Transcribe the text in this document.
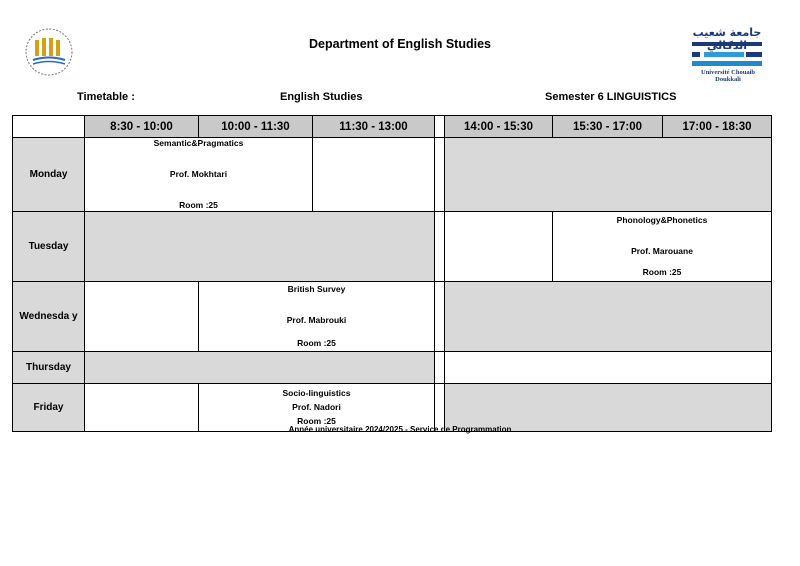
جامعة شعيب
Université Chouaib Doukkali
Department of English Studies
Timetable :	English Studies	Semester 6 LINGUISTICS
	8:30 - 10:00	10:00 - 11:30	11:30 - 13:00		14:00 - 15:30	15:30 - 17:00	17:00 - 18:30
Monday	Semantic&Pragmatics
Prof. Mokhtari
Room :25						

Tuesday						Phonology&Phonetics
Prof. Marouane
Room :25	

Wednesda y		British Survey
Prof. Mabrouki
Room :25					

Thursday							
Friday		Socio-linguistics
Prof. Nadori
Room :25					

Année universitaire 2024/2025 - Service de Programmation
